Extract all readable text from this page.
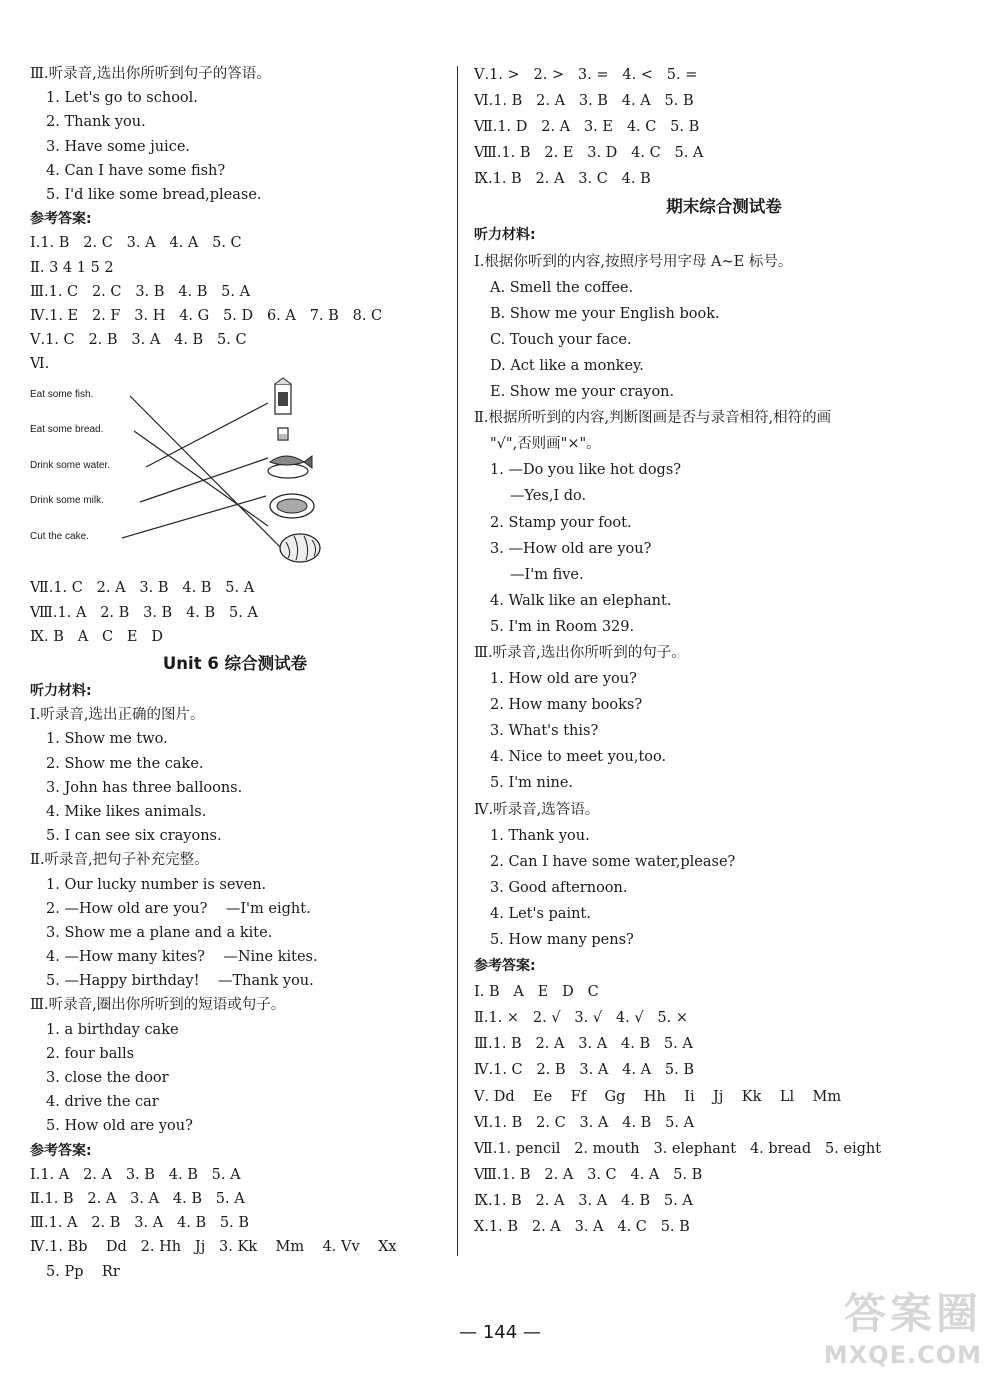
Ⅲ.听录音,选出你所听到句子的答语。
1. Let's go to school.
2. Thank you.
3. Have some juice.
4. Can I have some fish?
5. I'd like some bread,please.
参考答案:
Ⅰ.1. B   2. C   3. A   4. A   5. C
Ⅱ. 3 4 1 5 2
Ⅲ.1. C   2. C   3. B   4. B   5. A
Ⅳ.1. E   2. F   3. H   4. G   5. D   6. A   7. B   8. C
Ⅴ.1. C   2. B   3. A   4. B   5. C
Ⅵ.
Eat some fish.
Eat some bread.
Drink some water.
Drink some milk.
Cut the cake.
Ⅶ.1. C   2. A   3. B   4. B   5. A
Ⅷ.1. A   2. B   3. B   4. B   5. A
Ⅸ. B   A   C   E   D
Unit 6 综合测试卷
听力材料:
Ⅰ.听录音,选出正确的图片。
1. Show me two.
2. Show me the cake.
3. John has three balloons.
4. Mike likes animals.
5. I can see six crayons.
Ⅱ.听录音,把句子补充完整。
1. Our lucky number is seven.
2. —How old are you?    —I'm eight.
3. Show me a plane and a kite.
4. —How many kites?    —Nine kites.
5. —Happy birthday!    —Thank you.
Ⅲ.听录音,圈出你所听到的短语或句子。
1. a birthday cake
2. four balls
3. close the door
4. drive the car
5. How old are you?
参考答案:
Ⅰ.1. A   2. A   3. B   4. B   5. A
Ⅱ.1. B   2. A   3. A   4. B   5. A
Ⅲ.1. A   2. B   3. A   4. B   5. B
Ⅳ.1. Bb    Dd   2. Hh   Jj   3. Kk    Mm    4. Vv    Xx
5. Pp    Rr
Ⅴ.1. >   2. >   3. =   4. <   5. =
Ⅵ.1. B   2. A   3. B   4. A   5. B
Ⅶ.1. D   2. A   3. E   4. C   5. B
Ⅷ.1. B   2. E   3. D   4. C   5. A
Ⅸ.1. B   2. A   3. C   4. B
期末综合测试卷
听力材料:
Ⅰ.根据你听到的内容,按照序号用字母 A~E 标号。
A. Smell the coffee.
B. Show me your English book.
C. Touch your face.
D. Act like a monkey.
E. Show me your crayon.
Ⅱ.根据所听到的内容,判断图画是否与录音相符,相符的画
"√",否则画"×"。
1. —Do you like hot dogs?
—Yes,I do.
2. Stamp your foot.
3. —How old are you?
—I'm five.
4. Walk like an elephant.
5. I'm in Room 329.
Ⅲ.听录音,选出你所听到的句子。
1. How old are you?
2. How many books?
3. What's this?
4. Nice to meet you,too.
5. I'm nine.
Ⅳ.听录音,选答语。
1. Thank you.
2. Can I have some water,please?
3. Good afternoon.
4. Let's paint.
5. How many pens?
参考答案:
Ⅰ. B   A   E   D   C
Ⅱ.1. ×   2. √   3. √   4. √   5. ×
Ⅲ.1. B   2. A   3. A   4. B   5. A
Ⅳ.1. C   2. B   3. A   4. A   5. B
Ⅴ. Dd    Ee    Ff    Gg    Hh    Ii    Jj    Kk    Ll    Mm
Ⅵ.1. B   2. C   3. A   4. B   5. A
Ⅶ.1. pencil   2. mouth   3. elephant   4. bread   5. eight
Ⅷ.1. B   2. A   3. C   4. A   5. B
Ⅸ.1. B   2. A   3. A   4. B   5. A
Ⅹ.1. B   2. A   3. A   4. C   5. B
— 144 —	答案圈
MXQE.COM
